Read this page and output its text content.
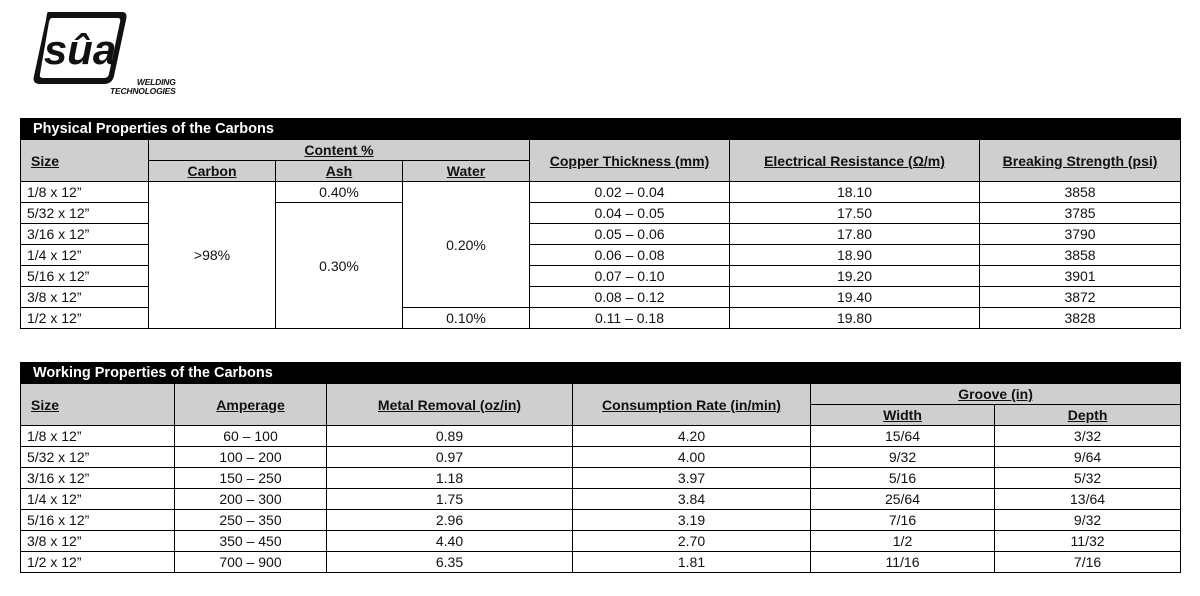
sûa
WELDING
TECHNOLOGIES
Physical Properties of the Carbons						
Size	Content %			Copper Thickness (mm)	Electrical Resistance (Ω/m)	Breaking Strength (psi)
	Carbon	Ash	Water			
1/8 x 12”	>98%	0.40%	0.20%	0.02 – 0.04	18.10	3858
5/32 x 12”		0.30%		0.04 – 0.05	17.50	3785
3/16 x 12”				0.05 – 0.06	17.80	3790
1/4 x 12”				0.06 – 0.08	18.90	3858
5/16 x 12”				0.07 – 0.10	19.20	3901
3/8 x 12”				0.08 – 0.12	19.40	3872
1/2 x 12”			0.10%	0.11 – 0.18	19.80	3828
Working Properties of the Carbons					
Size	Amperage	Metal Removal (oz/in)	Consumption Rate (in/min)	Groove (in)	
				Width	Depth
1/8 x 12”	60 – 100	0.89	4.20	15/64	3/32
5/32 x 12”	100 – 200	0.97	4.00	9/32	9/64
3/16 x 12”	150 – 250	1.18	3.97	5/16	5/32
1/4 x 12”	200 – 300	1.75	3.84	25/64	13/64
5/16 x 12”	250 – 350	2.96	3.19	7/16	9/32
3/8 x 12”	350 – 450	4.40	2.70	1/2	11/32
1/2 x 12”	700 – 900	6.35	1.81	11/16	7/16
